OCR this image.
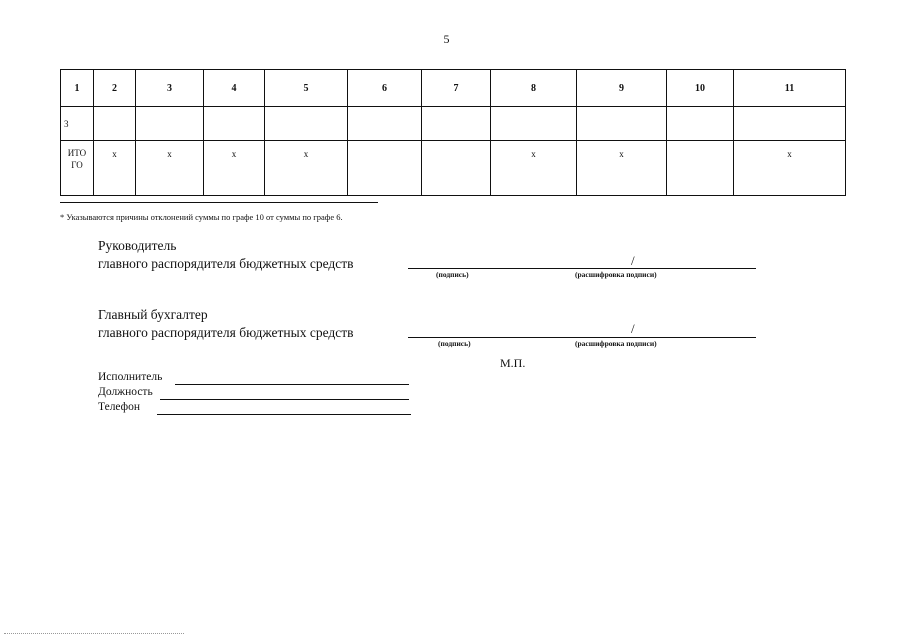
5
1	2	3	4	5	6	7	8	9	10	11
3										
ИТО ГО	х	х	х	х			х	х		х
* Указываются причины отклонений суммы по графе 10 от суммы по графе 6.
Руководитель
главного распорядителя бюджетных средств	/
(подпись)	(расшифровка подписи)
Главный бухгалтер
главного распорядителя бюджетных средств	/
(подпись)	(расшифровка подписи)
М.П.
Исполнитель
Должность
Телефон
